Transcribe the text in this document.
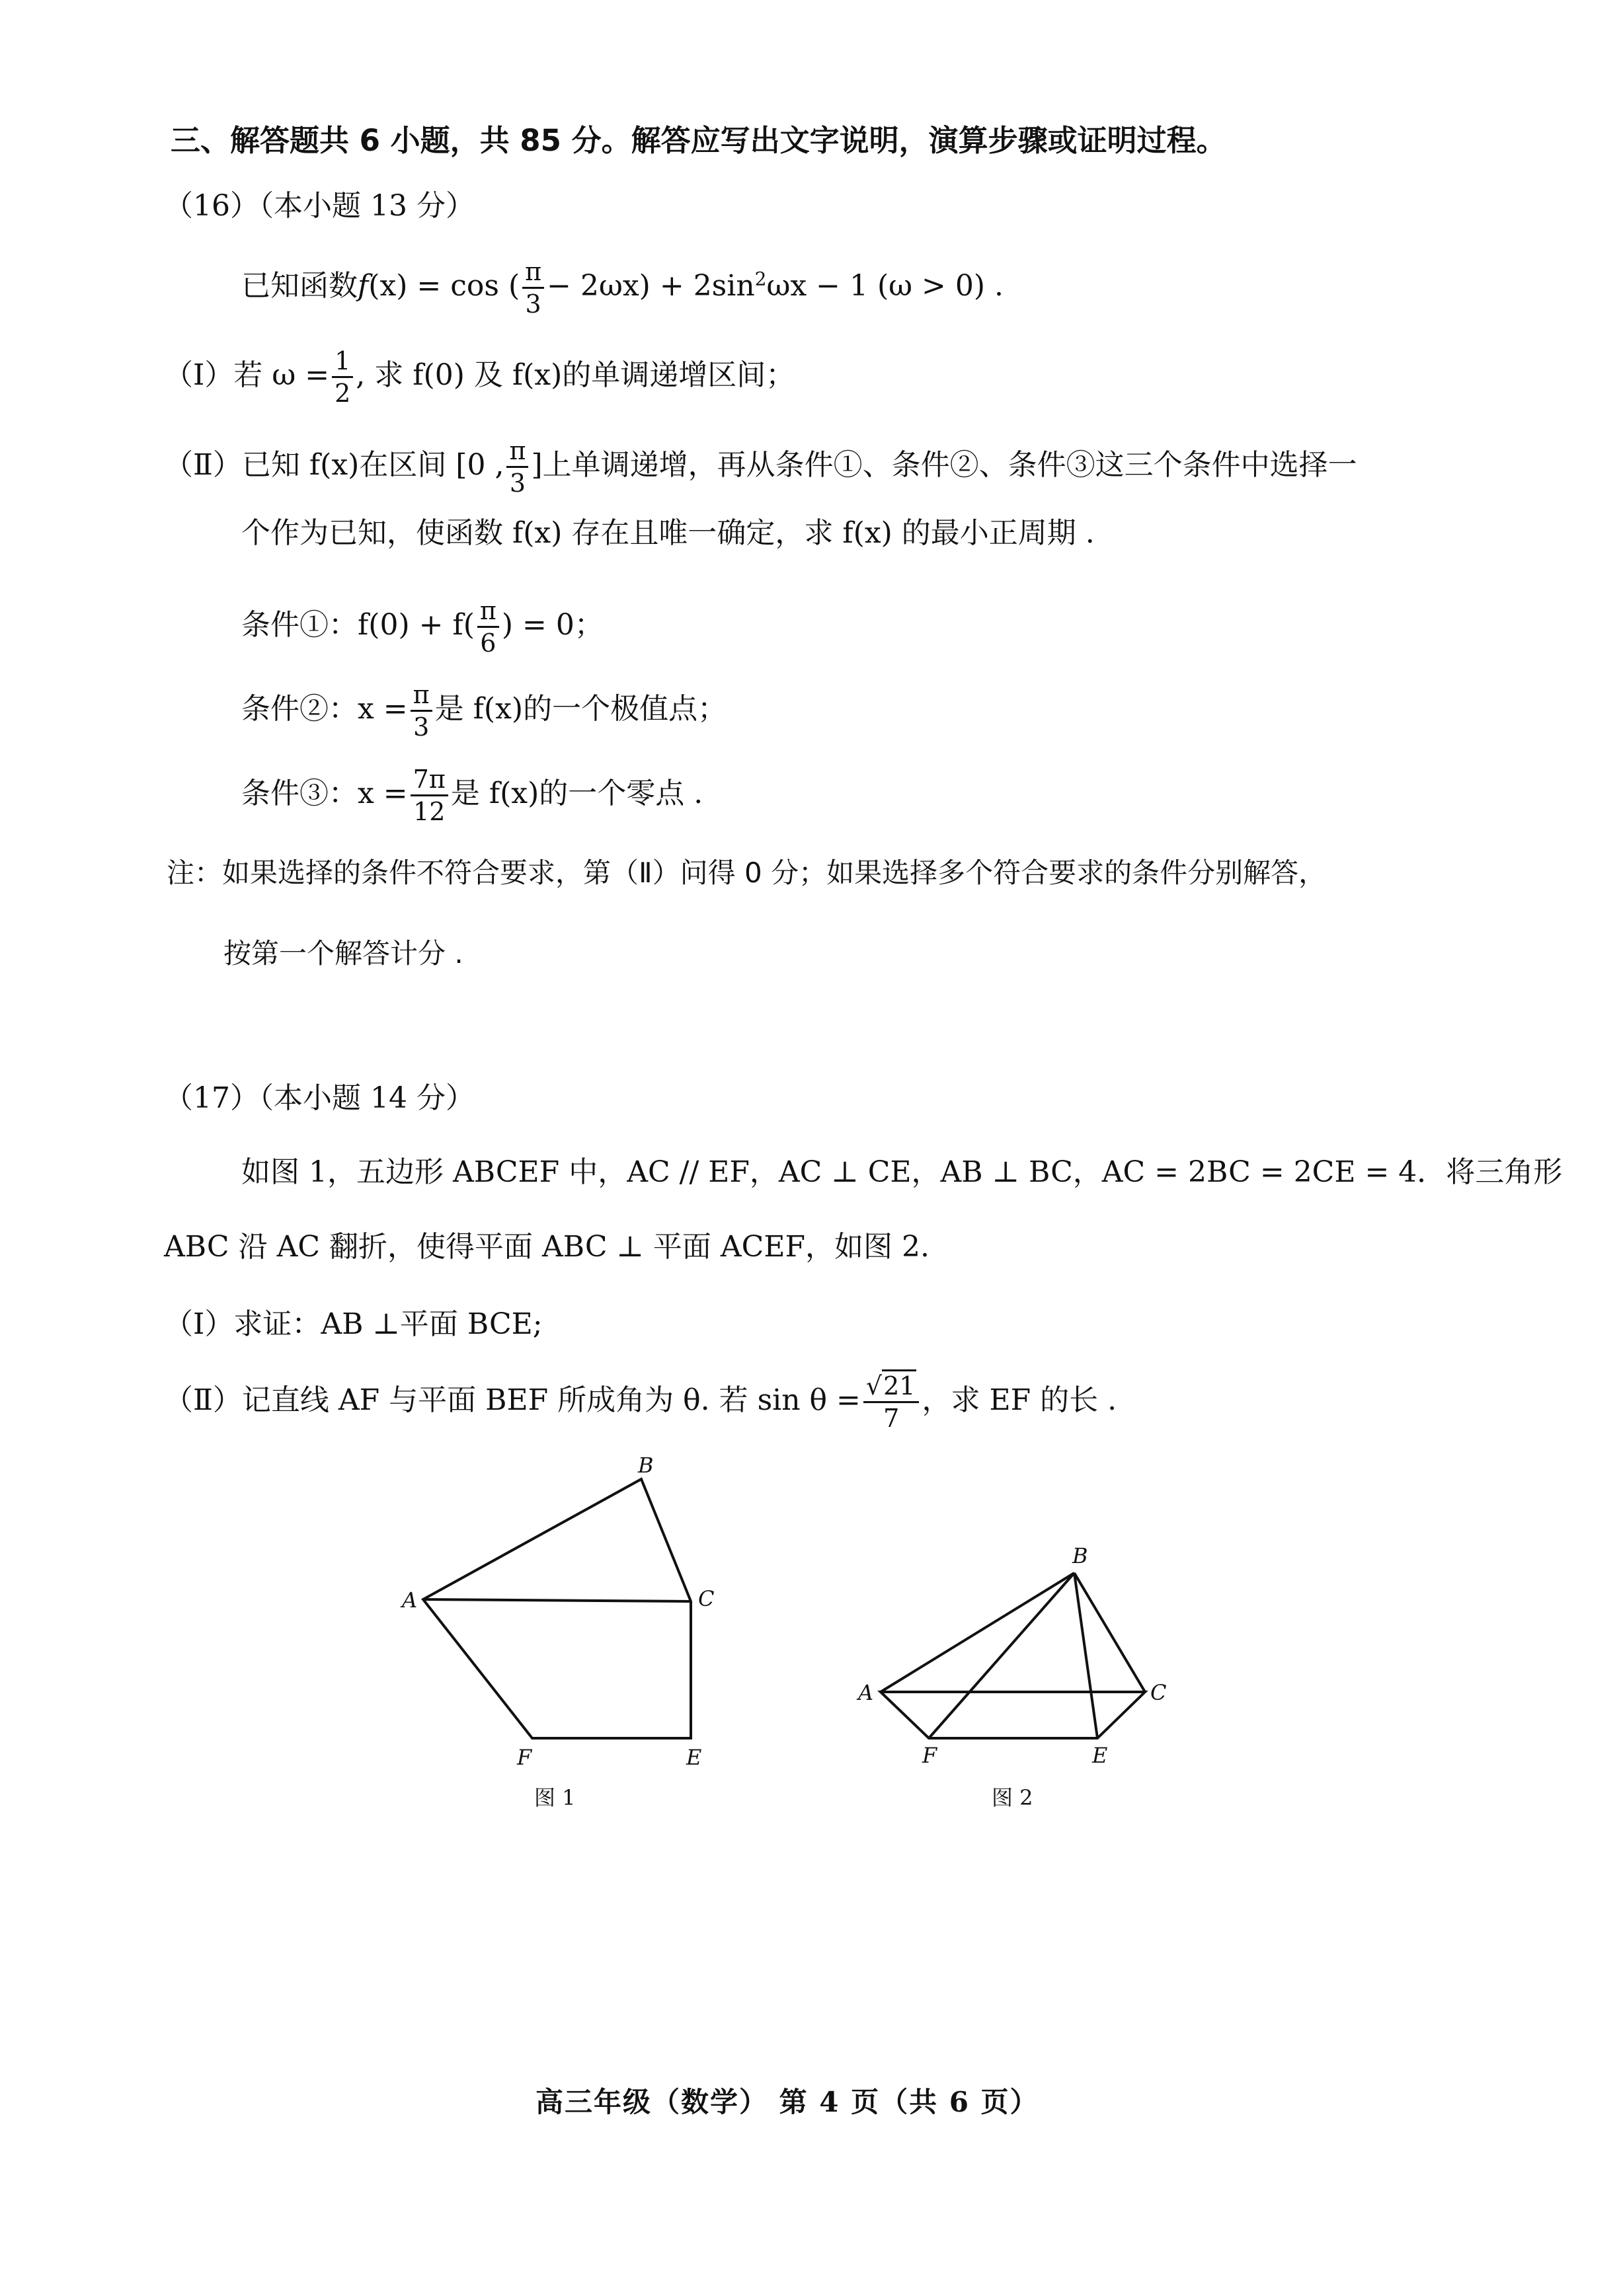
三、解答题共 6 小题，共 85 分。解答应写出文字说明，演算步骤或证明过程。
（16）（本小题 13 分）
已知函数f(x) = cos ( $\frac{\pi}{3} - 2\omega x) + 2\sin^2\omega x - 1$ (ω > 0) .
（Ⅰ）若 $\omega = \frac{1}{2}$ , 求 f(0) 及 f(x)的单调递增区间；
（Ⅱ）已知 f(x)在区间 [0 , $\frac{\pi}{3}$ ]上单调递增，再从条件①、条件②、条件③这三个条件中选择一
个作为已知，使函数 f(x) 存在且唯一确定，求 f(x) 的最小正周期 .
条件①：$f(0) + f( \frac{\pi}{6}$ ) = 0；
条件②：$x = \frac{\pi}{3}$ 是 f(x)的一个极值点；
条件③：$x = \frac{7\pi}{12}$ 是 f(x)的一个零点 .
注：如果选择的条件不符合要求，第（Ⅱ）问得 0 分；如果选择多个符合要求的条件分别解答，
按第一个解答计分 .
（17）（本小题 14 分）
如图 1，五边形 ABCEF 中，AC // EF，AC ⊥ CE，AB ⊥ BC，AC = 2BC = 2CE = 4．将三角形
ABC 沿 AC 翻折，使得平面 ABC ⊥ 平面 ACEF，如图 2.
（Ⅰ）求证：AB ⊥平面 BCE;
（Ⅱ）记直线 AF 与平面 BEF 所成角为 θ. 若 $\sin \theta = \frac{√21}{7}$ ，求 EF 的长 .
A
B
C
E
F
图 1
A
B
C
E
F
图 2
高三年级（数学） 第 4 页（共 6 页）
